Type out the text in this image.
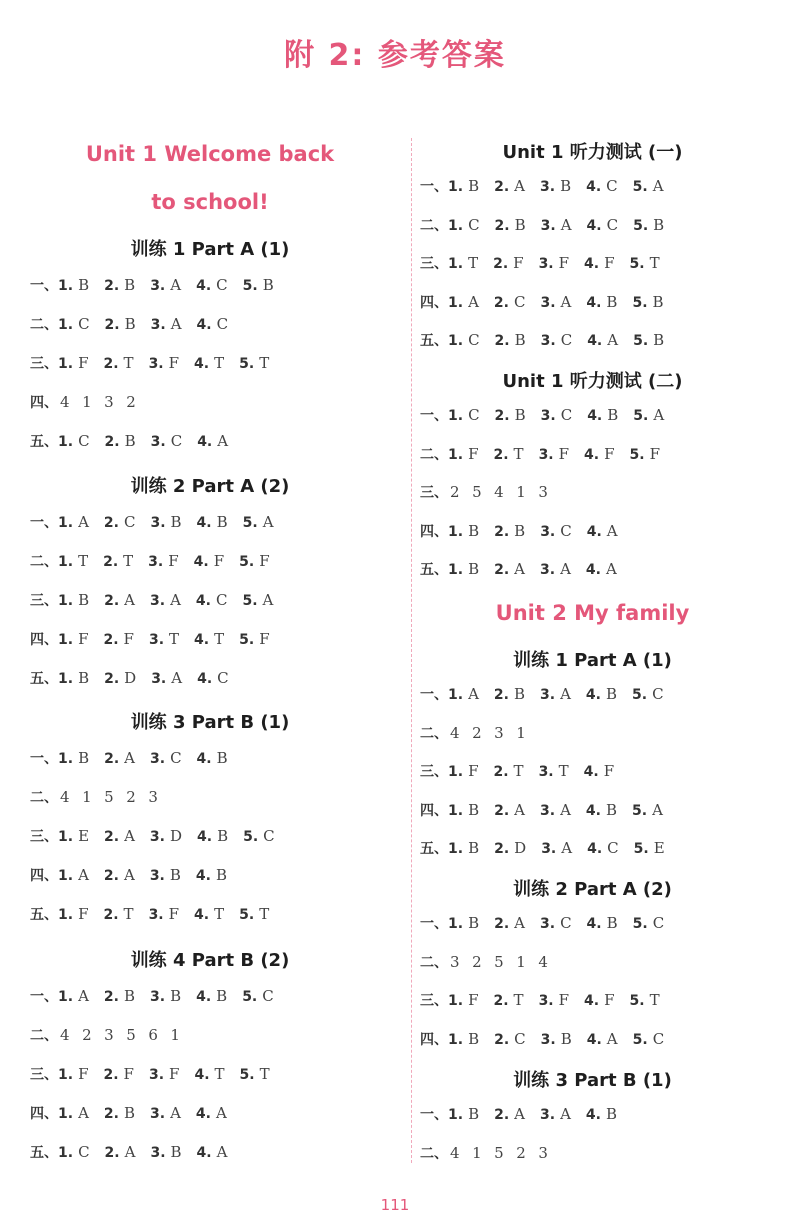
附 2: 参考答案
Unit 1 Welcome back
to school!
训练 1 Part A (1)
一、1. B 2. B 3. A 4. C 5. B
二、1. C 2. B 3. A 4. C
三、1. F 2. T 3. F 4. T 5. T
四、 4  1  3  2
五、1. C 2. B 3. C 4. A
训练 2 Part A (2)
一、1. A 2. C 3. B 4. B 5. A
二、1. T 2. T 3. F 4. F 5. F
三、1. B 2. A 3. A 4. C 5. A
四、1. F 2. F 3. T 4. T 5. F
五、1. B 2. D 3. A 4. C
训练 3 Part B (1)
一、1. B 2. A 3. C 4. B
二、 4  1  5  2  3
三、1. E 2. A 3. D 4. B 5. C
四、1. A 2. A 3. B 4. B
五、1. F 2. T 3. F 4. T 5. T
训练 4 Part B (2)
一、1. A 2. B 3. B 4. B 5. C
二、 4  2  3  5  6  1
三、1. F 2. F 3. F 4. T 5. T
四、1. A 2. B 3. A 4. A
五、1. C 2. A 3. B 4. A
Unit 2 My family
Unit 1 听力测试 (一)
一、1. B 2. A 3. B 4. C 5. A
二、1. C 2. B 3. A 4. C 5. B
三、1. T 2. F 3. F 4. F 5. T
四、1. A 2. C 3. A 4. B 5. B
五、1. C 2. B 3. C 4. A 5. B
Unit 1 听力测试 (二)
一、1. C 2. B 3. C 4. B 5. A
二、1. F 2. T 3. F 4. F 5. F
三、 2  5  4  1  3
四、1. B 2. B 3. C 4. A
五、1. B 2. A 3. A 4. A
训练 1 Part A (1)
一、1. A 2. B 3. A 4. B 5. C
二、 4  2  3  1
三、1. F 2. T 3. T 4. F
四、1. B 2. A 3. A 4. B 5. A
五、1. B 2. D 3. A 4. C 5. E
训练 2 Part A (2)
一、1. B 2. A 3. C 4. B 5. C
二、 3  2  5  1  4
三、1. F 2. T 3. F 4. F 5. T
四、1. B 2. C 3. B 4. A 5. C
训练 3 Part B (1)
一、1. B 2. A 3. A 4. B
二、 4  1  5  2  3
111
